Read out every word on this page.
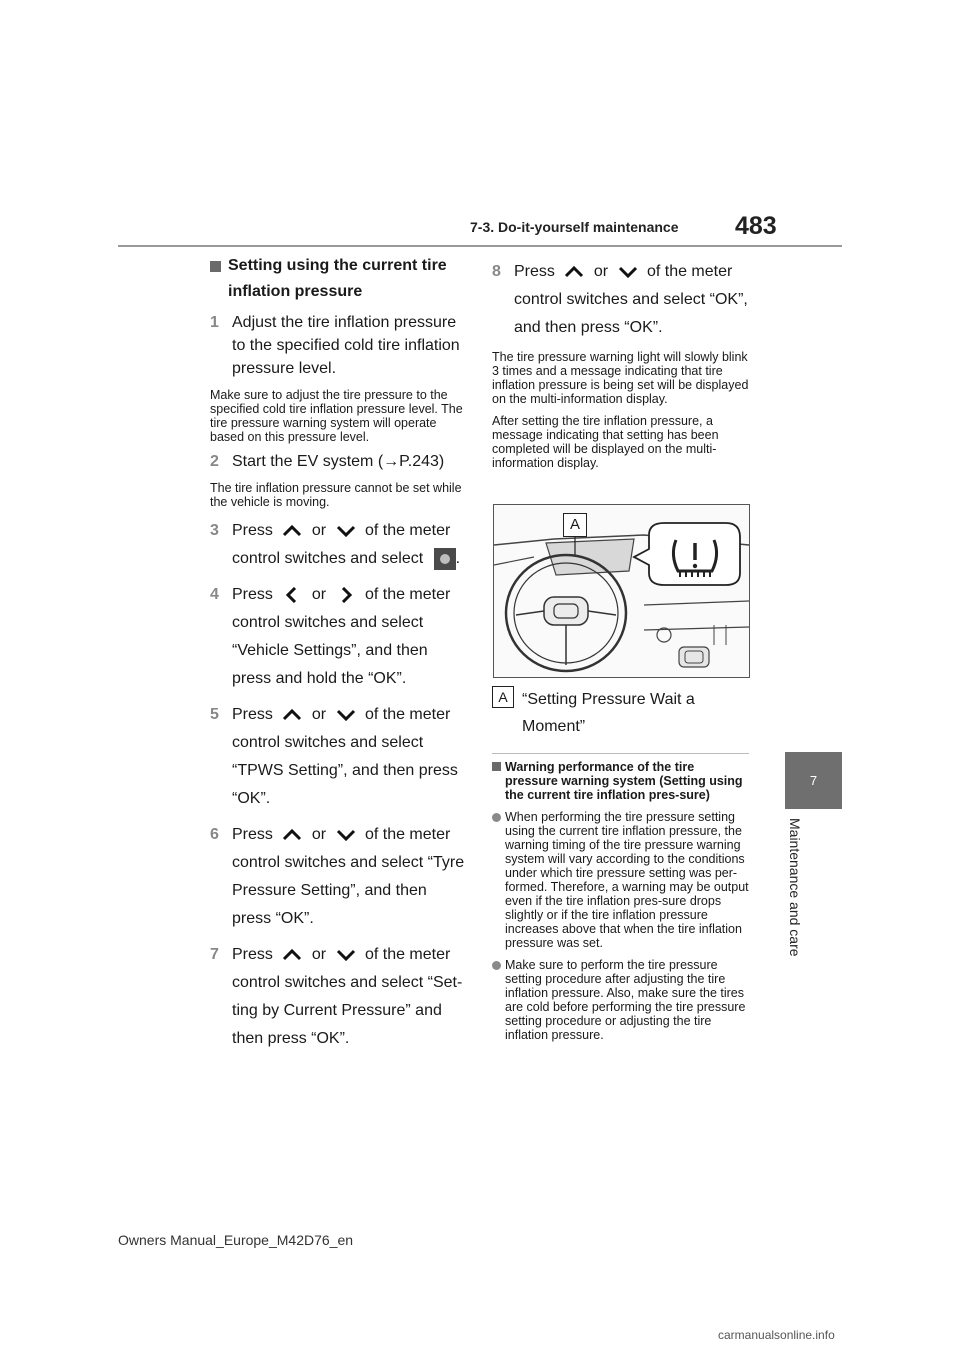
7-3. Do-it-yourself maintenance 483
7
Maintenance and care
Setting using the current tire inflation pressure
1 Adjust the tire inflation pressure to the specified cold tire inflation pressure level.
Make sure to adjust the tire pressure to the specified cold tire inflation pressure level. The tire pressure warning system will operate based on this pressure level.
2 Start the EV system (→P.243)
The tire inflation pressure cannot be set while the vehicle is moving.
3 Press or of the meter control switches and select .
4 Press or of the meter control switches and select “Vehicle Settings”, and then press and hold the “OK”.
5 Press or of the meter control switches and select “TPWS Setting”, and then press “OK”.
6 Press or of the meter control switches and select “Tyre Pressure Setting”, and then press “OK”.
7 Press or of the meter control switches and select “Set-ting by Current Pressure” and then press “OK”.
8 Press or of the meter control switches and select “OK”, and then press “OK”.
The tire pressure warning light will slowly blink 3 times and a message indicating that tire inflation pressure is being set will be displayed on the multi-information display.
After setting the tire inflation pressure, a message indicating that setting has been completed will be displayed on the multi-information display.
A
A “Setting Pressure Wait a
Moment”
Warning performance of the tire pressure warning system (Setting using the current tire inflation pres-sure)
When performing the tire pressure setting using the current tire inflation pressure, the warning timing of the tire pressure warning system will vary according to the conditions under which tire pressure setting was per-formed. Therefore, a warning may be output even if the tire inflation pres-sure drops slightly or if the tire inflation pressure increases above that when the tire inflation pressure was set.
Make sure to perform the tire pressure setting procedure after adjusting the tire inflation pressure. Also, make sure the tires are cold before performing the tire pressure setting procedure or adjusting the tire inflation pressure.
Owners Manual_Europe_M42D76_en
carmanualsonline.info
